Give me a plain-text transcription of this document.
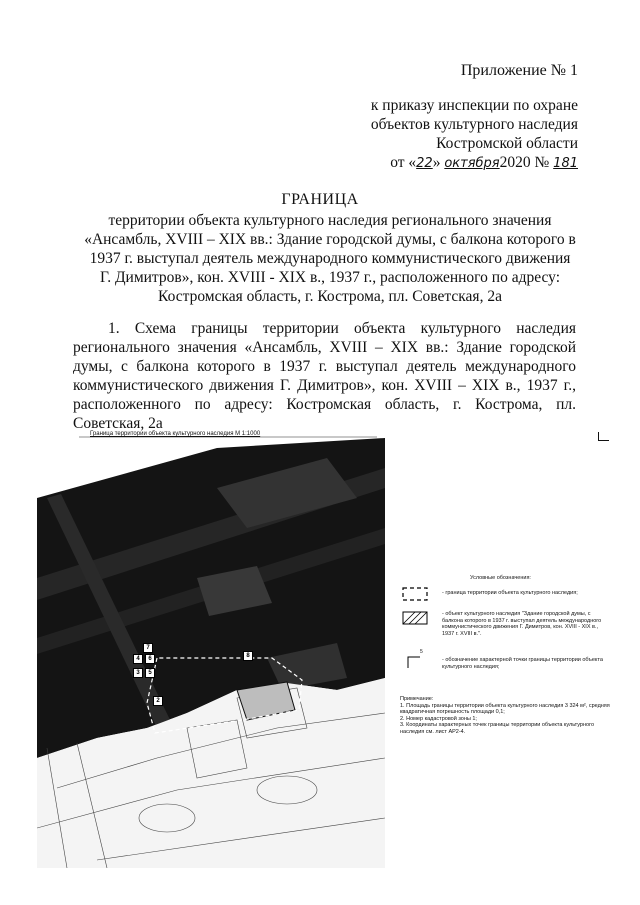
Приложение № 1
к приказу инспекции по охране
объектов культурного наследия
Костромской области
от «22» октября2020 № 181
ГРАНИЦА
территории объекта культурного наследия регионального значения
«Ансамбль, XVIII – XIX вв.: Здание городской думы, с балкона которого в
1937 г. выступал деятель международного коммунистического движения
Г. Димитров», кон. XVIII - XIX в., 1937 г., расположенного по адресу:
Костромская область, г. Кострома, пл. Советская, 2а
1. Схема границы территории объекта культурного наследия регионального значения «Ансамбль, XVIII – XIX вв.: Здание городской думы, с балкона которого в 1937 г. выступал деятель международного коммунистического движения Г. Димитров», кон. XVIII – XIX в., 1937 г., расположенного по адресу: Костромская область, г. Кострома, пл. Советская, 2а
7
4	6
3	5
8
2
Граница территории объекта культурного наследия М 1:1000
Условные обозначения:
- граница территории объекта культурного наследия;
- объект культурного наследия "Здание городской думы, с балкона которого в 1937 г. выступал деятель международного коммунистического движения Г. Димитров, кон. XVIII - XIX в., 1937 г. XVIII в.".
5
- обозначение характерной точки границы территории объекта культурного наследия;
Примечание:
1. Площадь границы территории объекта культурного наследия 3 324 м², средняя квадратичная погрешность площади 0,1;
2. Номер кадастровой зоны 1;
3. Координаты характерных точек границы территории объекта культурного наследия см. лист АР2-4.
